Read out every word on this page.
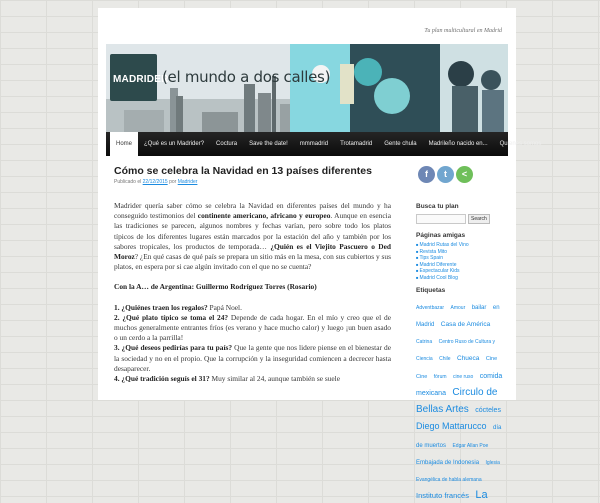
Tu plan multicultural en Madrid
MADRIDER
(el mundo a dos calles)
Home	¿Qué es un Madrider?	Coctura	Save the date!	mmmadrid	Trotamadrid	Gente chula	Madrileño nacido en...	Quienes somos
Cómo se celebra la Navidad en 13 países diferentes
Publicado el 22/12/2015 por Madrider

Madrider quería saber cómo se celebra la Navidad en diferentes países del mundo y ha conseguido testimonios del continente americano, africano y europeo. Aunque en esencia las tradiciones se parecen, algunos nombres y fechas varían, pero sobre todo los platos típicos de los diferentes lugares están marcados por la estación del año y también por los sabores tropicales, los productos de temporada… ¿Quién es el Viejito Pascuero o Ded Moroz? ¿En qué casas de qué país se prepara un sitio más en la mesa, con sus cubiertos y sus platos, en espera por si cae algún invitado con el que no se cuenta?

Con la A… de Argentina: Guillermo Rodríguez Torres (Rosario)

1. ¿Quiénes traen los regalos? Papá Noel.
2. ¿Qué plato típico se toma el 24? Depende de cada hogar. En el mío y creo que el de muchos generalmente entrantes fríos (es verano y hace mucho calor) y luego ¡un buen asado o un cerdo a la parrilla!
3. ¿Qué deseos pedirías para tu país? Que la gente que nos lidere piense en el bienestar de la sociedad y no en el propio. Que la corrupción y la inseguridad comiencen a decrecer hasta desaparecer.
4. ¿Qué tradición seguís el 31? Muy similar al 24, aunque también se suele
f	t	<
Busca tu plan
Search
Páginas amigas
■ Madrid Rutas del Vino
■ Revista Mito
■ Tips Spain
■ Madrid Diferente
■ Espectacular Kids
■ Madrid Cool Blog
Etiquetas
Adventbazar Amour bailar en Madrid Casa de América Catrina Centro Ruso de Cultura y Ciencia Chile Chueca Cine Cine fórum cine ruso comida mexicana Circulo de Bellas Artes cócteles Diego Mattarucco día de muertos Edgar Allan Poe Embajada de Indonesia Iglesia Evangélica de habla alemana Instituto francés La
